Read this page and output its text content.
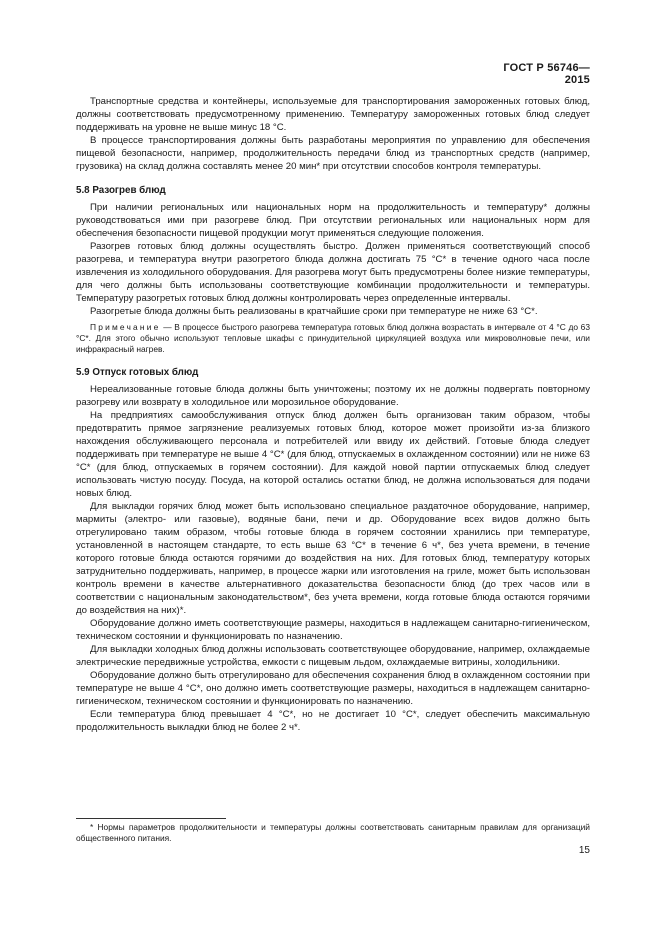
ГОСТ Р 56746—2015

Транспортные средства и контейнеры, используемые для транспортирования замороженных готовых блюд, должны соответствовать предусмотренному применению. Температуру замороженных готовых блюд следует поддерживать на уровне не выше минус 18 °С.

В процессе транспортирования должны быть разработаны мероприятия по управлению для обеспечения пищевой безопасности, например, продолжительность передачи блюд из транспортных средств (например, грузовика) на склад должна составлять менее 20 мин* при отсутствии способов контроля температуры.

5.8 Разогрев блюд

При наличии региональных или национальных норм на продолжительность и температуру* должны руководствоваться ими при разогреве блюд. При отсутствии региональных или национальных норм для обеспечения безопасности пищевой продукции могут применяться следующие положения.

Разогрев готовых блюд должны осуществлять быстро. Должен применяться соответствующий способ разогрева, и температура внутри разогретого блюда должна достигать 75 °С* в течение одного часа после извлечения из холодильного оборудования. Для разогрева могут быть предусмотрены более низкие температуры, для чего должны быть использованы соответствующие комбинации продолжительности и температуры. Температуру разогретых готовых блюд должны контролировать через определенные интервалы.

Разогретые блюда должны быть реализованы в кратчайшие сроки при температуре не ниже 63 °С*.

Примечание — В процессе быстрого разогрева температура готовых блюд должна возрастать в интервале от 4 °С до 63 °С*. Для этого обычно используют тепловые шкафы с принудительной циркуляцией воздуха или микроволновые печи, или инфракрасный нагрев.

5.9 Отпуск готовых блюд

Нереализованные готовые блюда должны быть уничтожены; поэтому их не должны подвергать повторному разогреву или возврату в холодильное или морозильное оборудование.

На предприятиях самообслуживания отпуск блюд должен быть организован таким образом, чтобы предотвратить прямое загрязнение реализуемых готовых блюд, которое может произойти из-за близкого нахождения обслуживающего персонала и потребителей или ввиду их действий. Готовые блюда следует поддерживать при температуре не выше 4 °С* (для блюд, отпускаемых в охлажденном состоянии) или не ниже 63 °С* (для блюд, отпускаемых в горячем состоянии). Для каждой новой партии отпускаемых блюд следует использовать чистую посуду. Посуда, на которой остались остатки блюд, не должна использоваться для подачи новых блюд.

Для выкладки горячих блюд может быть использовано специальное раздаточное оборудование, например, мармиты (электро- или газовые), водяные бани, печи и др. Оборудование всех видов должно быть отрегулировано таким образом, чтобы готовые блюда в горячем состоянии хранились при температуре, установленной в настоящем стандарте, то есть выше 63 °С* в течение 6 ч*, без учета времени, в течение которого готовые блюда остаются горячими до воздействия на них. Для готовых блюд, температуру которых затруднительно поддерживать, например, в процессе жарки или изготовления на гриле, может быть использован контроль времени в качестве альтернативного доказательства безопасности блюд (до трех часов или в соответствии с национальным законодательством*, без учета времени, когда готовые блюда остаются горячими до воздействия на них)*.

Оборудование должно иметь соответствующие размеры, находиться в надлежащем санитарно-гигиеническом, техническом состоянии и функционировать по назначению.

Для выкладки холодных блюд должны использовать соответствующее оборудование, например, охлаждаемые электрические передвижные устройства, емкости с пищевым льдом, охлаждаемые витрины, холодильники.

Оборудование должно быть отрегулировано для обеспечения сохранения блюд в охлажденном состоянии при температуре не выше 4 °С*, оно должно иметь соответствующие размеры, находиться в надлежащем санитарно-гигиеническом, техническом состоянии и функционировать по назначению.

Если температура блюд превышает 4 °С*, но не достигает 10 °С*, следует обеспечить максимальную продолжительность выкладки блюд не более 2 ч*.

* Нормы параметров продолжительности и температуры должны соответствовать санитарным правилам для организаций общественного питания.
15
